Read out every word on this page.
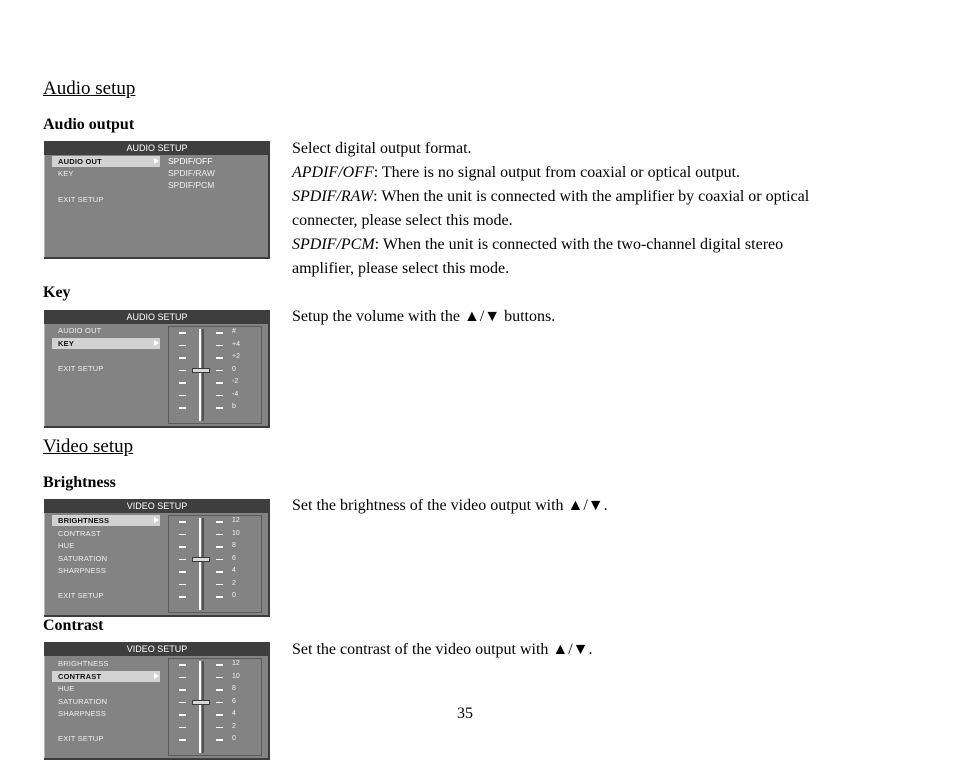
Audio setup
Audio output
AUDIO SETUP
AUDIO OUT
KEY
EXIT SETUP
SPDIF/OFF
SPDIF/RAW
SPDIF/PCM
Select digital output format.
APDIF/OFF: There is no signal output from coaxial or optical output.
SPDIF/RAW: When the unit is connected with the amplifier by coaxial or optical
connecter, please select this mode.
SPDIF/PCM: When the unit is connected with the two-channel digital stereo
amplifier, please select this mode.
Key
AUDIO SETUP
AUDIO OUT
KEY
EXIT SETUP
#
+4
+2
0
-2
-4
b
Setup the volume with the ▲/▼ buttons.
Video setup
Brightness
VIDEO SETUP
BRIGHTNESS
CONTRAST
HUE
SATURATION
SHARPNESS
EXIT SETUP
12
10
8
6
4
2
0
Set the brightness of the video output with ▲/▼.
Contrast
VIDEO SETUP
BRIGHTNESS
CONTRAST
HUE
SATURATION
SHARPNESS
EXIT SETUP
12
10
8
6
4
2
0
Set the contrast of the video output with ▲/▼.
35
